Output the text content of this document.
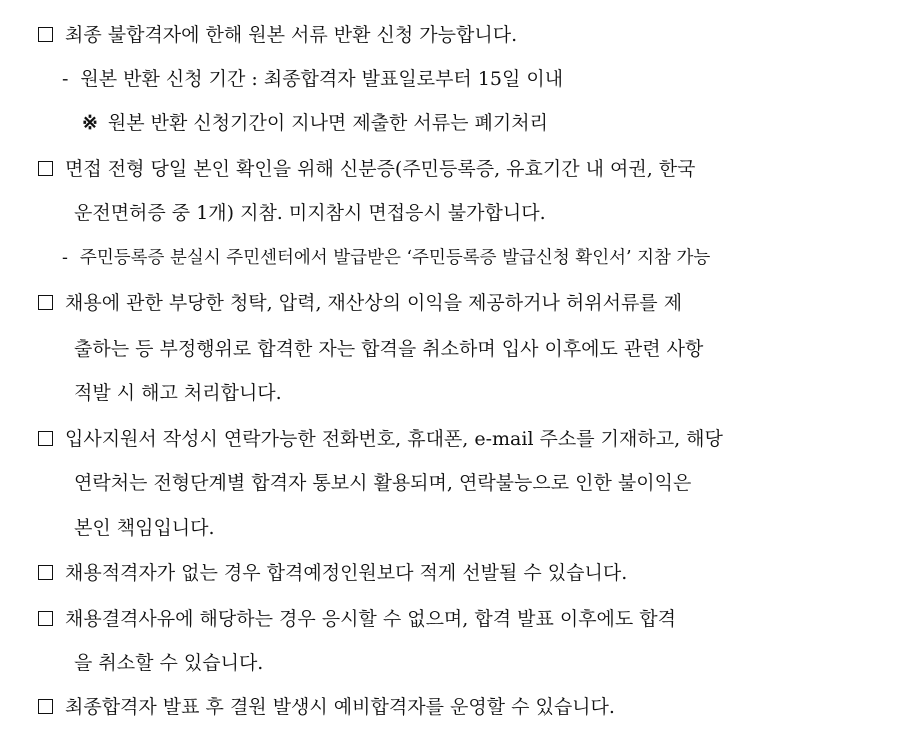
최종 불합격자에 한해 원본 서류 반환 신청 가능합니다.
- 원본 반환 신청 기간 : 최종합격자 발표일로부터 15일 이내
※ 원본 반환 신청기간이 지나면 제출한 서류는 폐기처리
면접 전형 당일 본인 확인을 위해 신분증(주민등록증, 유효기간 내 여권, 한국
운전면허증 중 1개) 지참. 미지참시 면접응시 불가합니다.
- 주민등록증 분실시 주민센터에서 발급받은 ‘주민등록증 발급신청 확인서’ 지참 가능
채용에 관한 부당한 청탁, 압력, 재산상의 이익을 제공하거나 허위서류를 제
출하는 등 부정행위로 합격한 자는 합격을 취소하며 입사 이후에도 관련 사항
적발 시 해고 처리합니다.
입사지원서 작성시 연락가능한 전화번호, 휴대폰, e-mail 주소를 기재하고, 해당
연락처는 전형단계별 합격자 통보시 활용되며, 연락불능으로 인한 불이익은
본인 책임입니다.
채용적격자가 없는 경우 합격예정인원보다 적게 선발될 수 있습니다.
채용결격사유에 해당하는 경우 응시할 수 없으며, 합격 발표 이후에도 합격
을 취소할 수 있습니다.
최종합격자 발표 후 결원 발생시 예비합격자를 운영할 수 있습니다.
